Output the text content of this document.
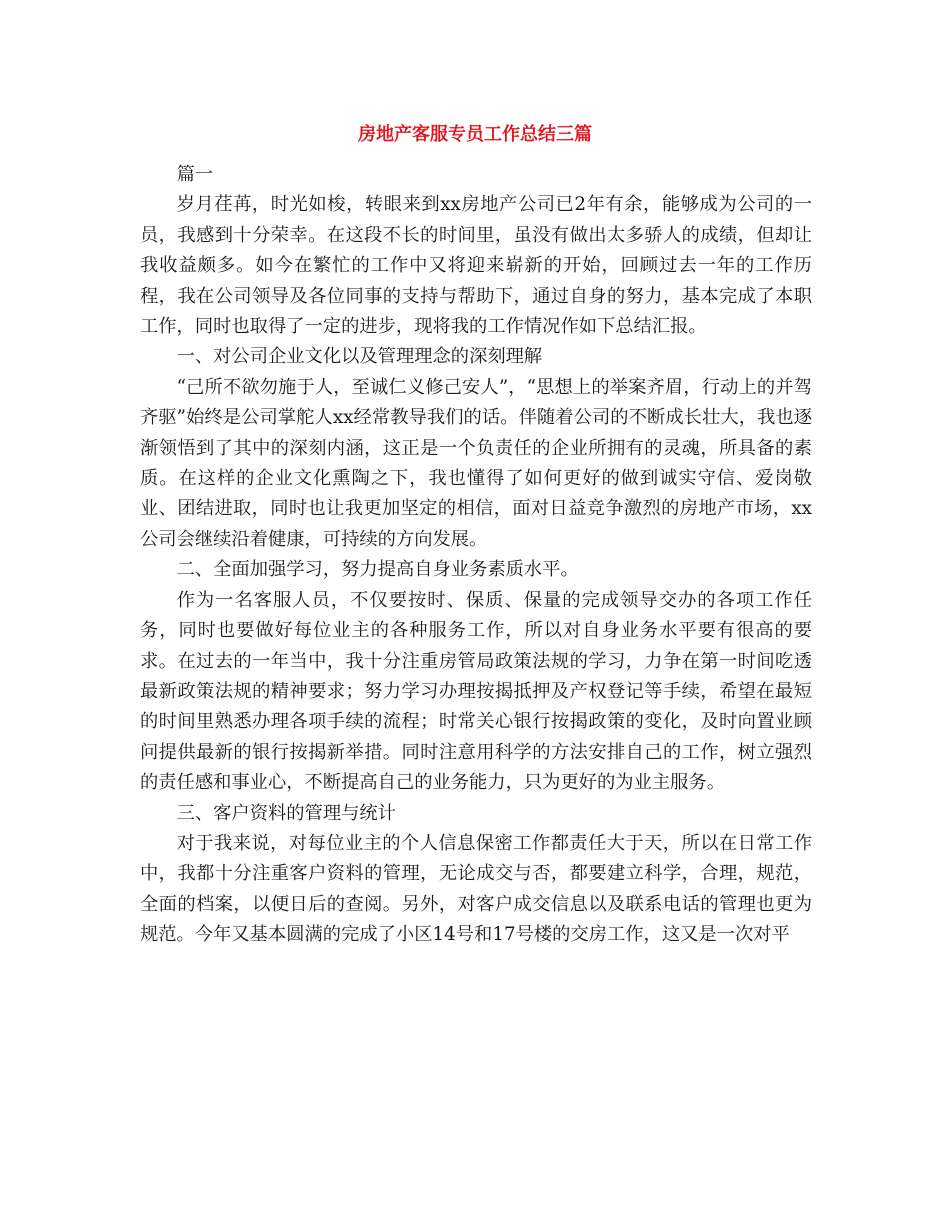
房地产客服专员工作总结三篇

篇一

岁月荏苒，时光如梭，转眼来到xx房地产公司已2年有余，能够成为公司的一员，我感到十分荣幸。在这段不长的时间里，虽没有做出太多骄人的成绩，但却让我收益颇多。如今在繁忙的工作中又将迎来崭新的开始，回顾过去一年的工作历程，我在公司领导及各位同事的支持与帮助下，通过自身的努力，基本完成了本职工作，同时也取得了一定的进步，现将我的工作情况作如下总结汇报。

一、对公司企业文化以及管理理念的深刻理解

“己所不欲勿施于人，至诚仁义修己安人”，“思想上的举案齐眉，行动上的并驾齐驱”始终是公司掌舵人xx经常教导我们的话。伴随着公司的不断成长壮大，我也逐渐领悟到了其中的深刻内涵，这正是一个负责任的企业所拥有的灵魂，所具备的素质。在这样的企业文化熏陶之下，我也懂得了如何更好的做到诚实守信、爱岗敬业、团结进取，同时也让我更加坚定的相信，面对日益竞争激烈的房地产市场，xx公司会继续沿着健康，可持续的方向发展。

二、全面加强学习，努力提高自身业务素质水平。

作为一名客服人员，不仅要按时、保质、保量的完成领导交办的各项工作任务，同时也要做好每位业主的各种服务工作，所以对自身业务水平要有很高的要求。在过去的一年当中，我十分注重房管局政策法规的学习，力争在第一时间吃透最新政策法规的精神要求；努力学习办理按揭抵押及产权登记等手续，希望在最短的时间里熟悉办理各项手续的流程；时常关心银行按揭政策的变化，及时向置业顾问提供最新的银行按揭新举措。同时注意用科学的方法安排自己的工作，树立强烈的责任感和事业心，不断提高自己的业务能力，只为更好的为业主服务。

三、客户资料的管理与统计

对于我来说，对每位业主的个人信息保密工作都责任大于天，所以在日常工作中，我都十分注重客户资料的管理，无论成交与否，都要建立科学，合理，规范，全面的档案，以便日后的查阅。另外，对客户成交信息以及联系电话的管理也更为规范。今年又基本圆满的完成了小区14号和17号楼的交房工作，这又是一次对平
